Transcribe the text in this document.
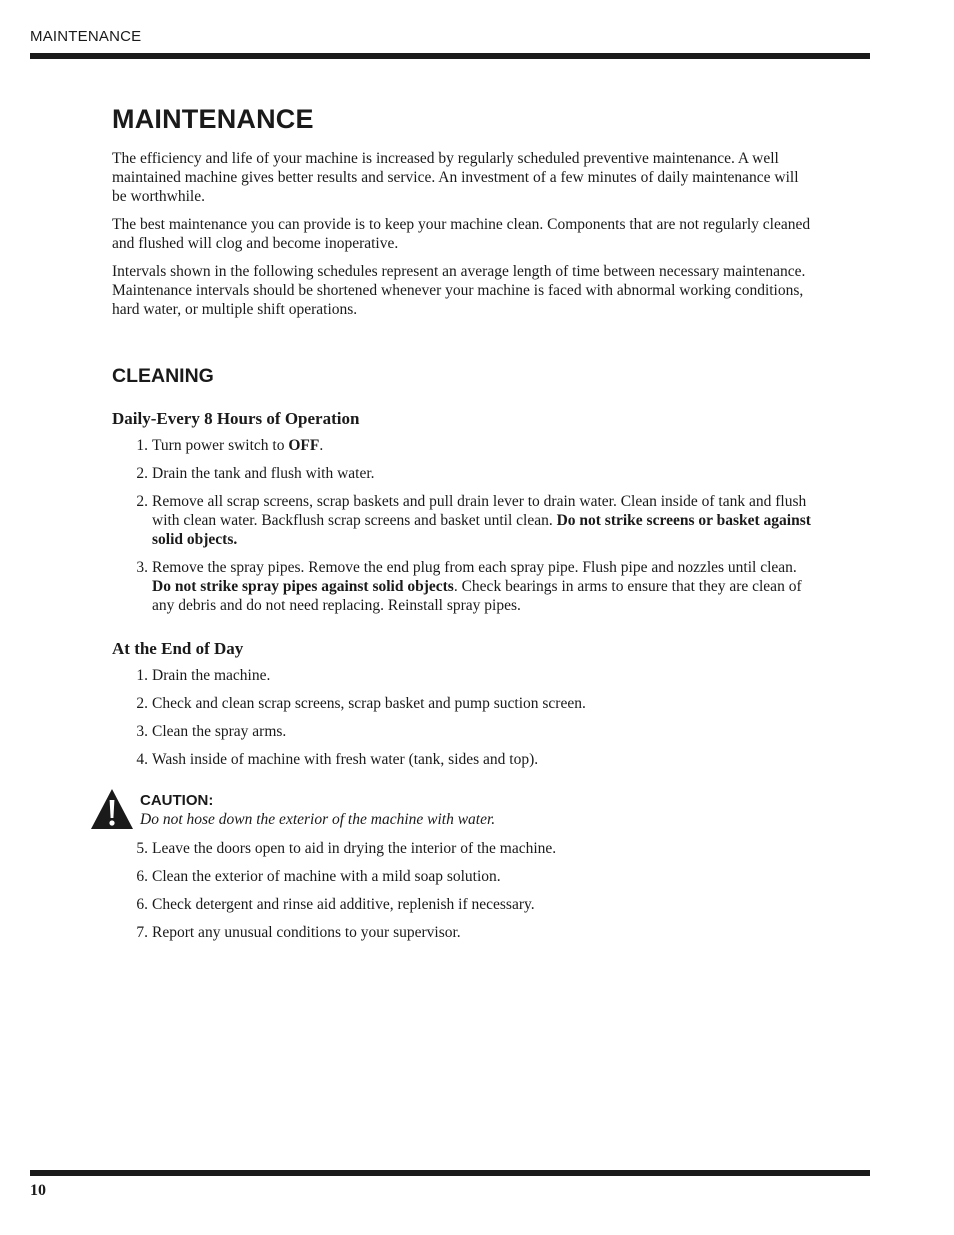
MAINTENANCE
MAINTENANCE

The efficiency and life of your machine is increased by regularly scheduled preventive maintenance. A well maintained machine gives better results and service. An investment of a few minutes of daily maintenance will be worthwhile.

The best maintenance you can provide is to keep your machine clean. Components that are not regularly cleaned and flushed will clog and become inoperative.

Intervals shown in the following schedules represent an average length of time between necessary maintenance. Maintenance intervals should be shortened whenever your machine is faced with abnormal working conditions, hard water, or multiple shift operations.

CLEANING
Daily-Every 8 Hours of Operation
1. Turn power switch to OFF.
2. Drain the tank and flush with water.
2. Remove all scrap screens, scrap baskets and pull drain lever to drain water. Clean inside of tank and flush with clean water. Backflush scrap screens and basket until clean. Do not strike screens or basket against solid objects.
3. Remove the spray pipes. Remove the end plug from each spray pipe. Flush pipe and nozzles until clean. Do not strike spray pipes against solid objects. Check bearings in arms to ensure that they are clean of any debris and do not need replacing. Reinstall spray pipes.
At the End of Day
1. Drain the machine.
2. Check and clean scrap screens, scrap basket and pump suction screen.
3. Clean the spray arms.
4. Wash inside of machine with fresh water (tank, sides and top).
CAUTION:
Do not hose down the exterior of the machine with water.
5. Leave the doors open to aid in drying the interior of the machine.
6. Clean the exterior of machine with a mild soap solution.
6. Check detergent and rinse aid additive, replenish if necessary.
7. Report any unusual conditions to your supervisor.
10
